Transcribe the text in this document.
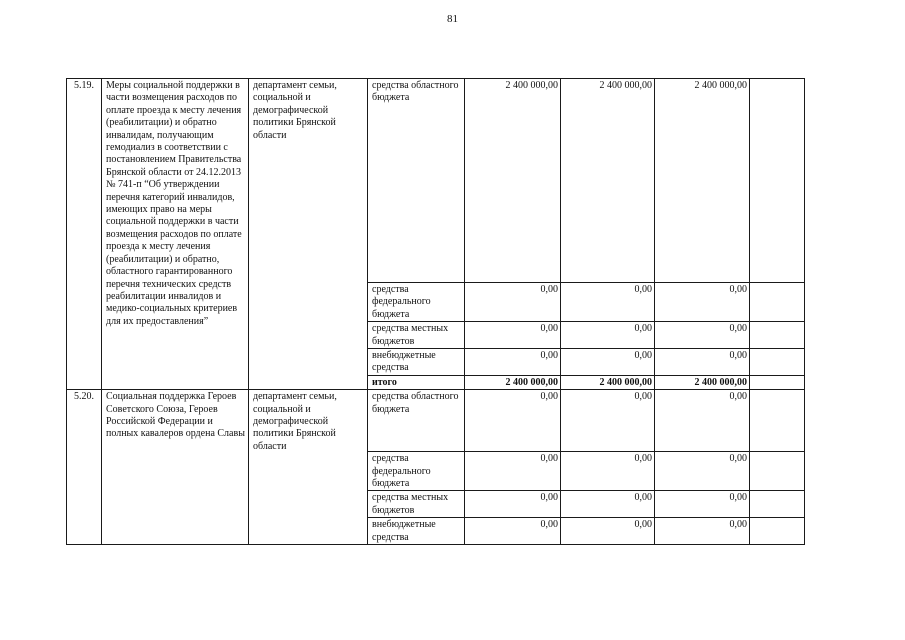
81
5.19.	Меры социальной поддержки в части возмещения расходов по оплате проезда к месту лечения (реабилитации) и обратно инвалидам, получающим гемодиализ в соответствии с постановлением Правительства Брянской области от 24.12.2013 № 741-п “Об утверждении перечня категорий инвалидов, имеющих право на меры социальной поддержки в части возмещения расходов по оплате проезда к месту лечения (реабилитации) и обратно, областного гарантированного перечня технических средств реабилитации инвалидов и медико-социальных критериев для их предоставления”	департамент семьи, социальной и демографической политики Брянской области	средства областного бюджета	2 400 000,00	2 400 000,00	2 400 000,00	
			средства федерального бюджета	0,00	0,00	0,00	
			средства местных бюджетов	0,00	0,00	0,00	
			внебюджетные средства	0,00	0,00	0,00	
			итого	2 400 000,00	2 400 000,00	2 400 000,00	
5.20.	Социальная поддержка Героев Советского Союза, Героев Российской Федерации и полных кавалеров ордена Славы	департамент семьи, социальной и демографической политики Брянской области	средства областного бюджета	0,00	0,00	0,00	
			средства федерального бюджета	0,00	0,00	0,00	
			средства местных бюджетов	0,00	0,00	0,00	
			внебюджетные средства	0,00	0,00	0,00	
